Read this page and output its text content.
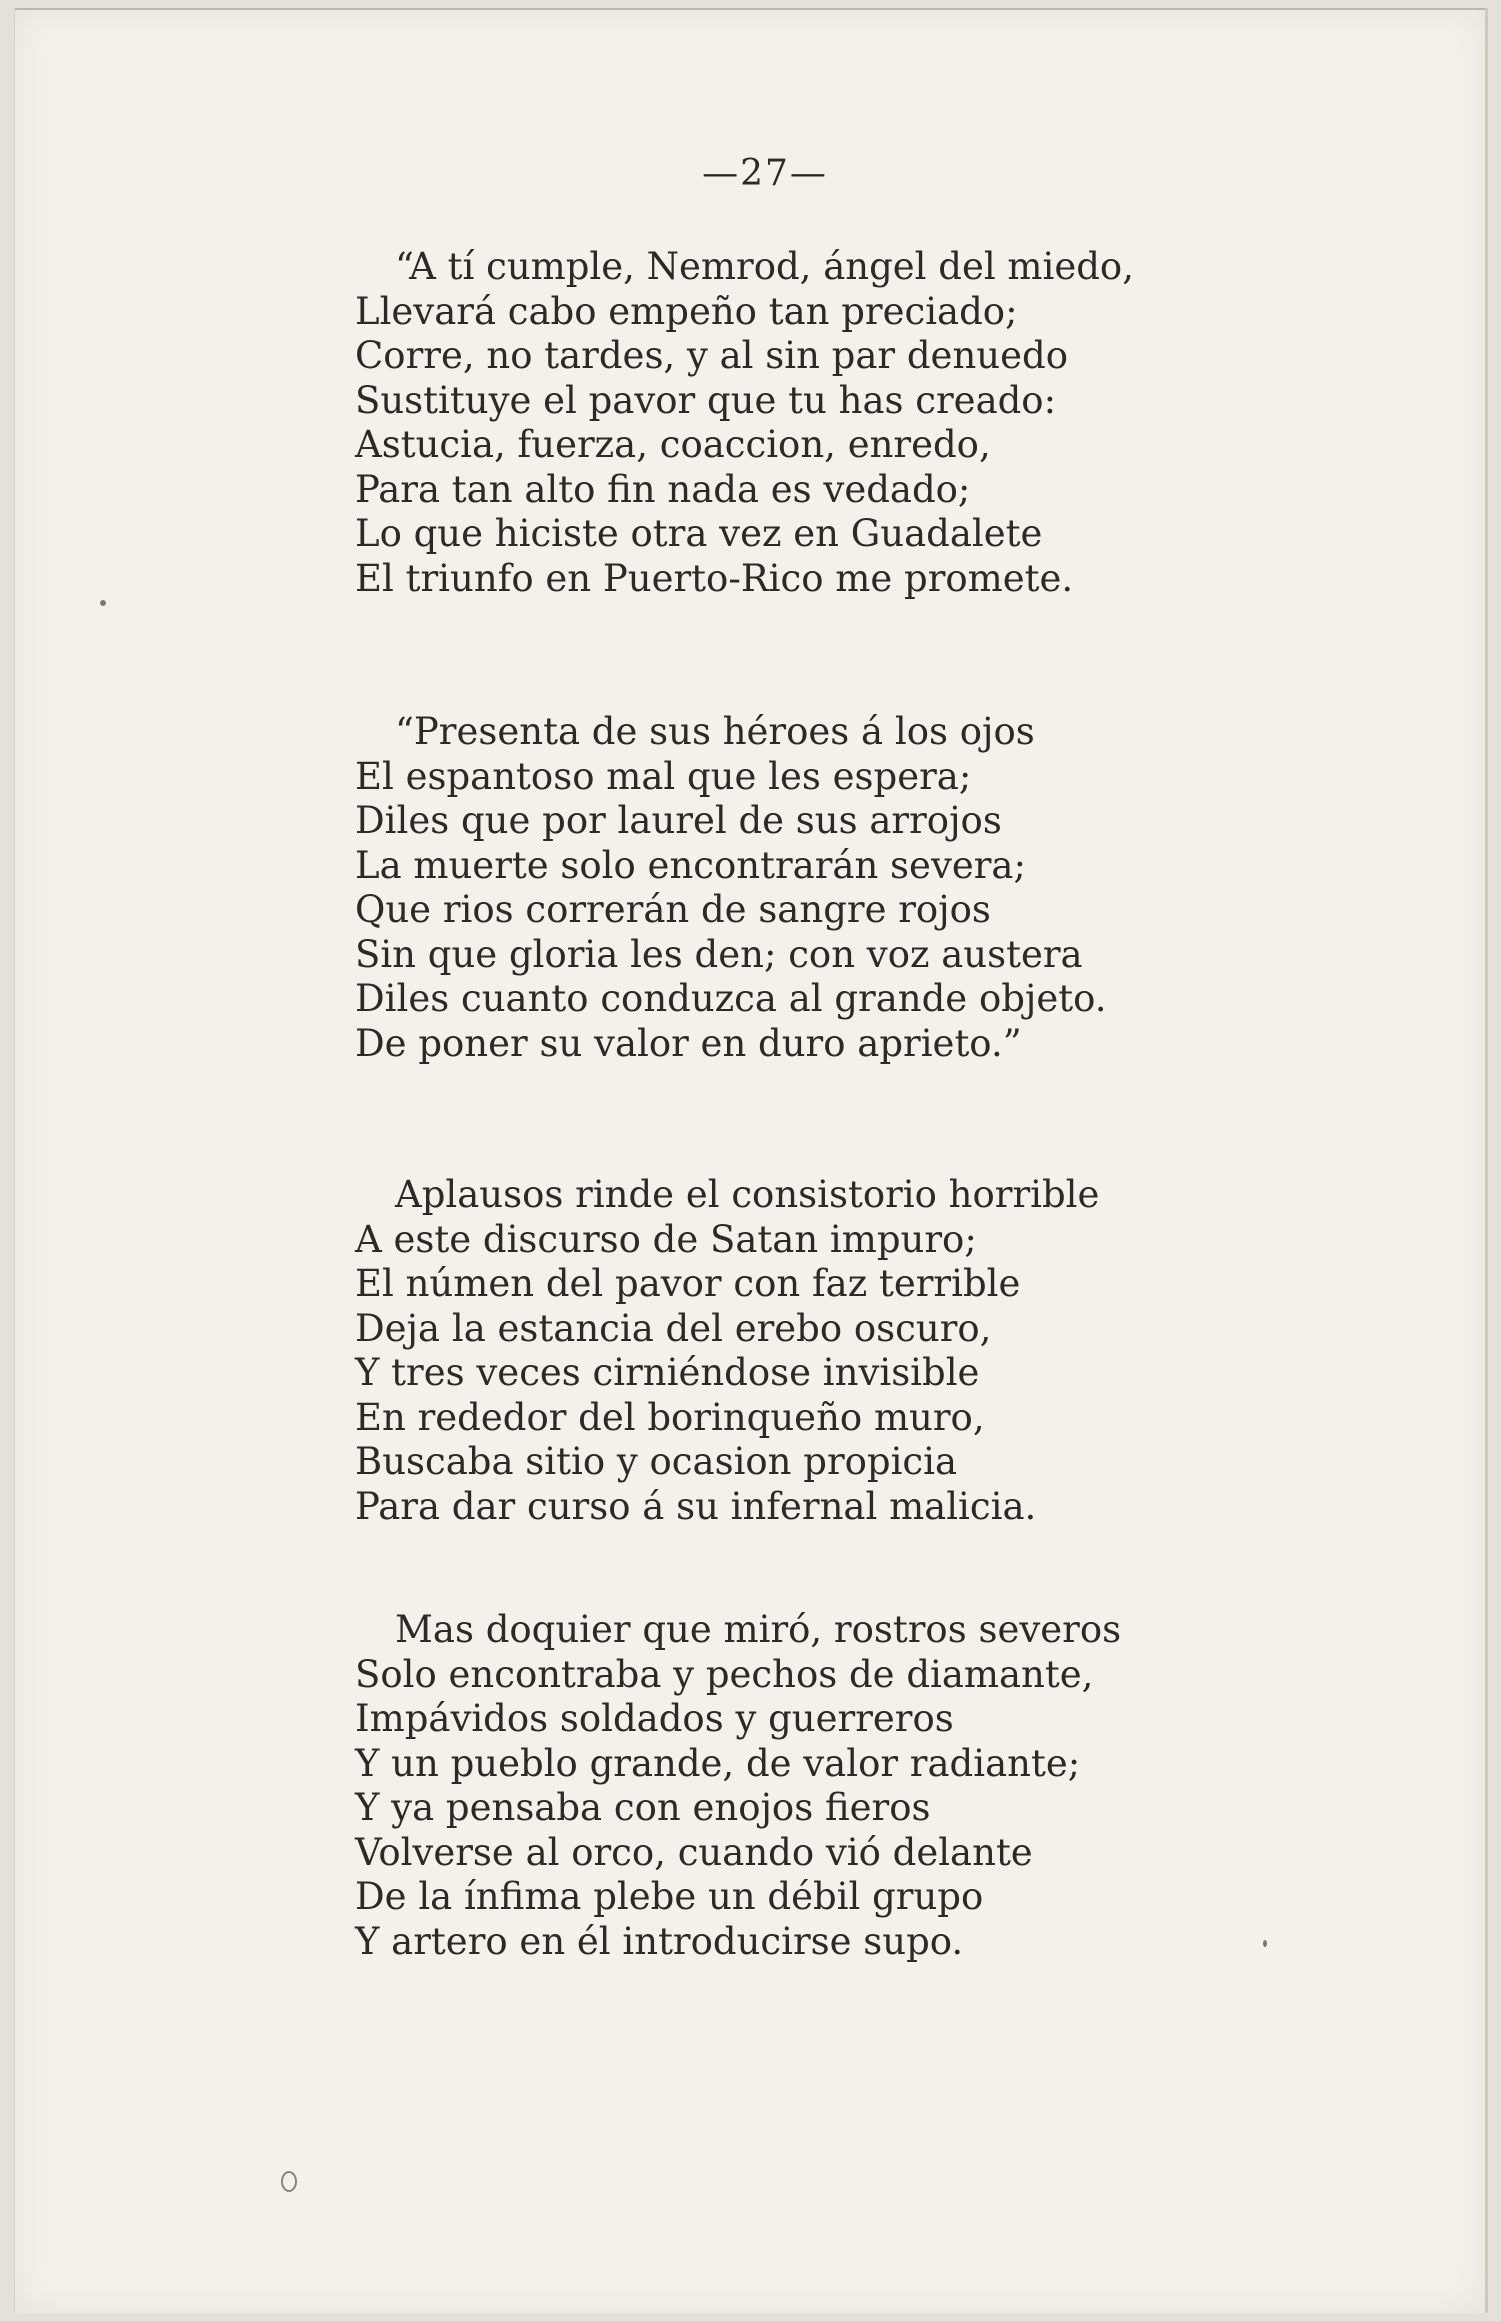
—27—
“A tí cumple, Nemrod, ángel del miedo,
Llevará cabo empeño tan preciado;
Corre, no tardes, y al sin par denuedo
Sustituye el pavor que tu has creado:
Astucia, fuerza, coaccion, enredo,
Para tan alto fin nada es vedado;
Lo que hiciste otra vez en Guadalete
El triunfo en Puerto-Rico me promete.
“Presenta de sus héroes á los ojos
El espantoso mal que les espera;
Diles que por laurel de sus arrojos
La muerte solo encontrarán severa;
Que rios correrán de sangre rojos
Sin que gloria les den; con voz austera
Diles cuanto conduzca al grande objeto.
De poner su valor en duro aprieto.”
Aplausos rinde el consistorio horrible
A este discurso de Satan impuro;
El númen del pavor con faz terrible
Deja la estancia del erebo oscuro,
Y tres veces cirniéndose invisible
En rededor del borinqueño muro,
Buscaba sitio y ocasion propicia
Para dar curso á su infernal malicia.
Mas doquier que miró, rostros severos
Solo encontraba y pechos de diamante,
Impávidos soldados y guerreros
Y un pueblo grande, de valor radiante;
Y ya pensaba con enojos fieros
Volverse al orco, cuando vió delante
De la ínfima plebe un débil grupo
Y artero en él introducirse supo.
